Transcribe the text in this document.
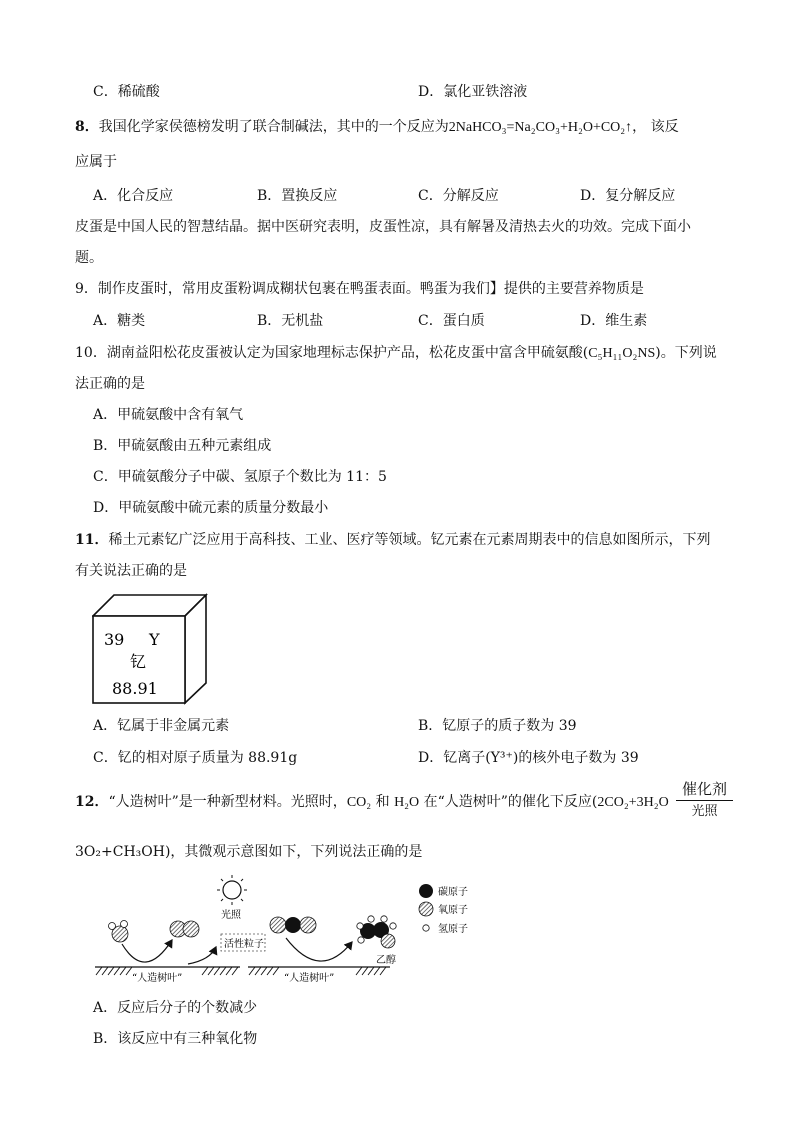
C．稀硫酸	D．氯化亚铁溶液
8．我国化学家侯德榜发明了联合制碱法，其中的一个反应为2NaHCO₃=Na₂CO₃+H₂O+CO₂↑， 该反
应属于
A．化合反应	B．置换反应	C．分解反应	D．复分解反应
皮蛋是中国人民的智慧结晶。据中医研究表明，皮蛋性凉，具有解暑及清热去火的功效。完成下面小
题。
9．制作皮蛋时，常用皮蛋粉调成糊状包裹在鸭蛋表面。鸭蛋为我们】提供的主要营养物质是
A．糖类	B．无机盐	C．蛋白质	D．维生素
10．湖南益阳松花皮蛋被认定为国家地理标志保护产品，松花皮蛋中富含甲硫氨酸(C₅H₁₁O₂NS)。下列说
法正确的是
A．甲硫氨酸中含有氧气
B．甲硫氨酸由五种元素组成
C．甲硫氨酸分子中碳、氢原子个数比为 11：5
D．甲硫氨酸中硫元素的质量分数最小
11．稀土元素钇广泛应用于高科技、工业、医疗等领域。钇元素在元素周期表中的信息如图所示，下列
有关说法正确的是
39 Y
钇
88.91
A．钇属于非金属元素	B．钇原子的质子数为 39
C．钇的相对原子质量为 88.91g	D．钇离子(Y³⁺)的核外电子数为 39
12．“人造树叶”是一种新型材料。光照时，CO₂ 和 H₂O 在“人造树叶”的催化下反应(2CO₂+3H₂O
催化剂
光照
3O₂+CH₃OH)，其微观示意图如下，下列说法正确的是
光照
“人造树叶”
活性粒子
“人造树叶”
乙醇
碳原子
氧原子
氢原子
A．反应后分子的个数减少
B．该反应中有三种氧化物
